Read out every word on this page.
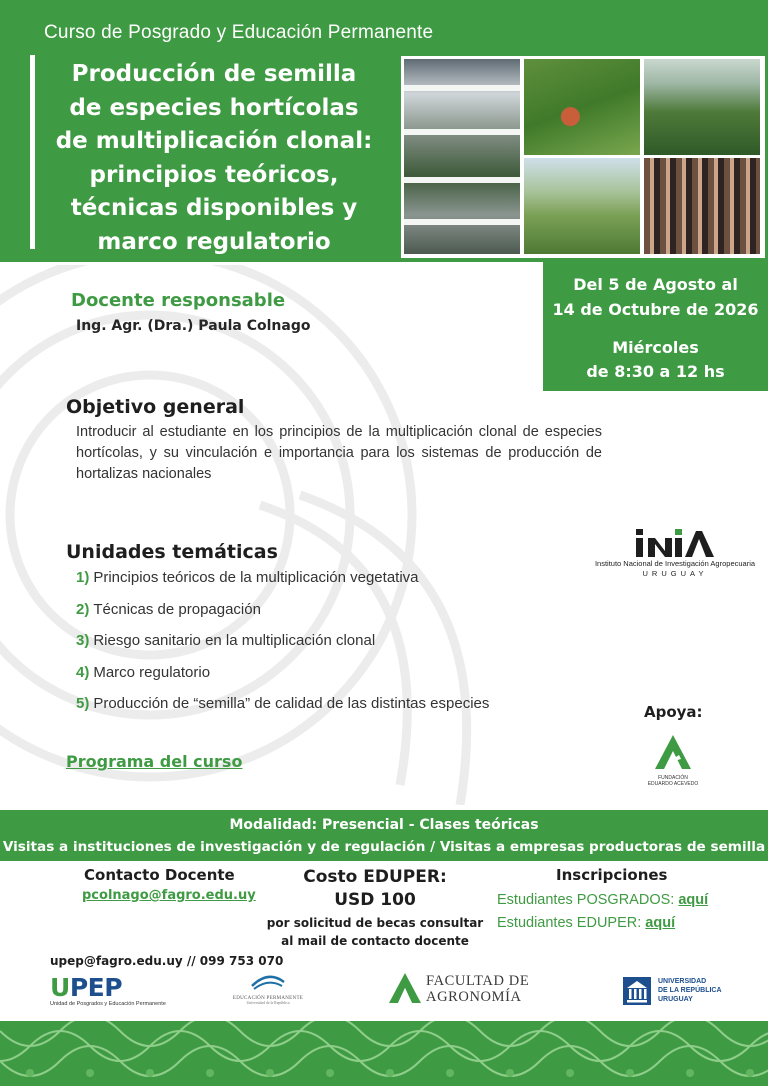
Curso de Posgrado y Educación Permanente
Producción de semilla
de especies hortícolas
de multiplicación clonal:
principios teóricos,
técnicas disponibles y
marco regulatorio
Del 5 de Agosto al
14 de Octubre de 2026
Miércoles
de 8:30 a 12 hs
Docente responsable
Ing. Agr. (Dra.) Paula Colnago
Objetivo general
Introducir al estudiante en los principios de la multiplicación clonal de especies hortícolas, y su vinculación e importancia para los sistemas de producción de hortalizas nacionales
Unidades temáticas
1) Principios teóricos de la multiplicación vegetativa
2) Técnicas de propagación
3) Riesgo sanitario en la multiplicación clonal
4) Marco regulatorio
5) Producción de “semilla” de calidad de las distintas especies
Programa del curso
Instituto Nacional de Investigación Agropecuaria
URUGUAY
Apoya:
FUNDACIÓN
EDUARDO ACEVEDO
Modalidad: Presencial - Clases teóricas
Visitas a instituciones de investigación y de regulación / Visitas a empresas productoras de semilla
Contacto Docente
pcolnago@fagro.edu.uy
Costo EDUPER:
USD 100
por solicitud de becas consultar
al mail de contacto docente
Inscripciones
Estudiantes POSGRADOS: aquí
Estudiantes EDUPER: aquí
upep@fagro.edu.uy // 099 753 070
UPEP
Unidad de Posgrados y Educación Permanente
EDUCACIÓN PERMANENTE
Universidad de la República
FACULTAD DE
AGRONOMÍA
UNIVERSIDAD
DE LA REPÚBLICA
URUGUAY
